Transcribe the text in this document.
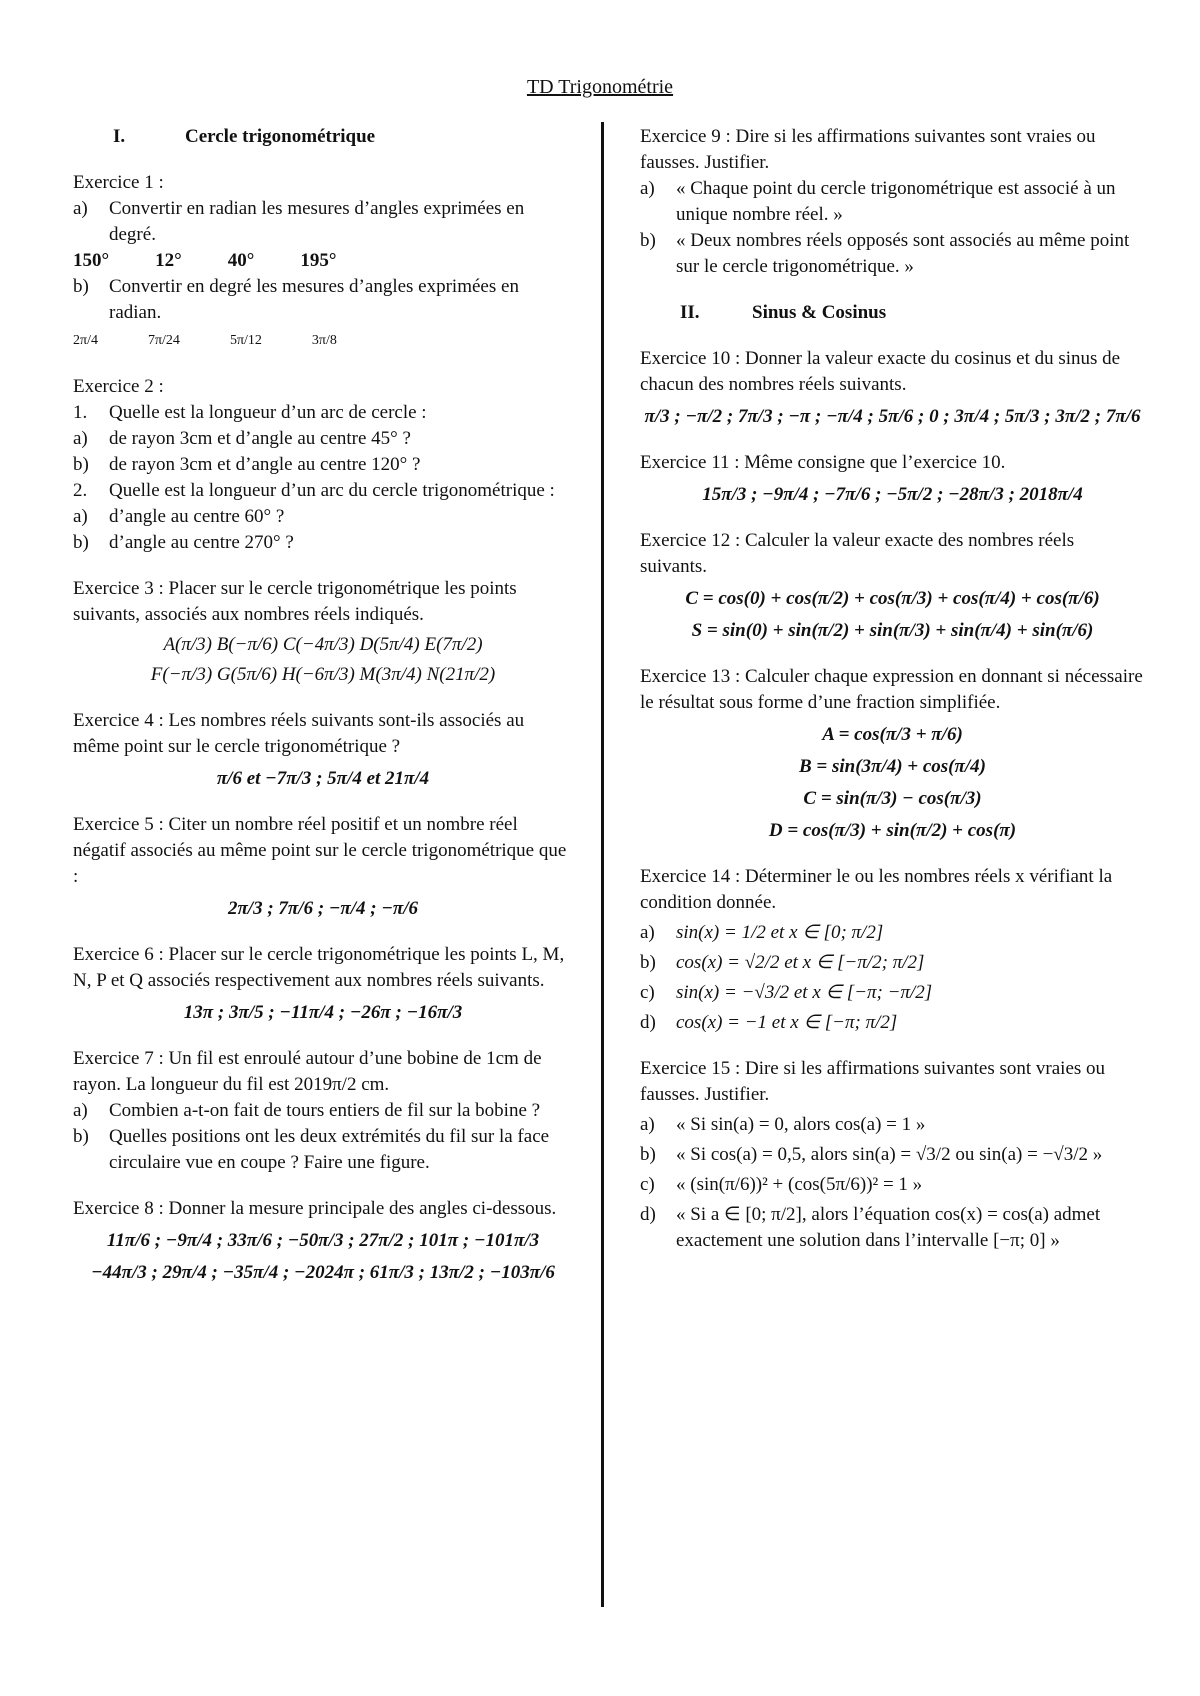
TD Trigonométrie
I.	Cercle trigonométrique

Exercice 1 :

a)	Convertir en radian les mesures d’angles exprimées en degré.
150° 12° 40° 195°
b)	Convertir en degré les mesures d’angles exprimées en radian.
2π/4	7π/24	5π/12	3π/8

Exercice 2 :

1.	Quelle est la longueur d’un arc de cercle :
a)	de rayon 3cm et d’angle au centre 45° ?
b)	de rayon 3cm et d’angle au centre 120° ?
2.	Quelle est la longueur d’un arc du cercle trigonométrique :
a)	d’angle au centre 60° ?
b)	d’angle au centre 270° ?

Exercice 3 : Placer sur le cercle trigonométrique les points suivants, associés aux nombres réels indiqués.

A(π/3) B(−π/6) C(−4π/3) D(5π/4) E(7π/2)
F(−π/3) G(5π/6) H(−6π/3) M(3π/4) N(21π/2)

Exercice 4 : Les nombres réels suivants sont-ils associés au même point sur le cercle trigonométrique ?

π/6 et −7π/3 ; 5π/4 et 21π/4

Exercice 5 : Citer un nombre réel positif et un nombre réel négatif associés au même point sur le cercle trigonométrique que :

2π/3 ; 7π/6 ; −π/4 ; −π/6

Exercice 6 : Placer sur le cercle trigonométrique les points L, M, N, P et Q associés respectivement aux nombres réels suivants.

13π ; 3π/5 ; −11π/4 ; −26π ; −16π/3

Exercice 7 : Un fil est enroulé autour d’une bobine de 1cm de rayon. La longueur du fil est 2019π/2 cm.

a)	Combien a-t-on fait de tours entiers de fil sur la bobine ?
b)	Quelles positions ont les deux extrémités du fil sur la face circulaire vue en coupe ? Faire une figure.

Exercice 8 : Donner la mesure principale des angles ci-dessous.

11π/6 ; −9π/4 ; 33π/6 ; −50π/3 ; 27π/2 ; 101π ; −101π/3
−44π/3 ; 29π/4 ; −35π/4 ; −2024π ; 61π/3 ; 13π/2 ; −103π/6

Exercice 9 : Dire si les affirmations suivantes sont vraies ou fausses. Justifier.

a)	« Chaque point du cercle trigonométrique est associé à un unique nombre réel. »
b)	« Deux nombres réels opposés sont associés au même point sur le cercle trigonométrique. »
II.	Sinus & Cosinus

Exercice 10 : Donner la valeur exacte du cosinus et du sinus de chacun des nombres réels suivants.

π/3 ; −π/2 ; 7π/3 ; −π ; −π/4 ; 5π/6 ; 0 ; 3π/4 ; 5π/3 ; 3π/2 ; 7π/6

Exercice 11 : Même consigne que l’exercice 10.

15π/3 ; −9π/4 ; −7π/6 ; −5π/2 ; −28π/3 ; 2018π/4

Exercice 12 : Calculer la valeur exacte des nombres réels suivants.

C = cos(0) + cos(π/2) + cos(π/3) + cos(π/4) + cos(π/6)
S = sin(0) + sin(π/2) + sin(π/3) + sin(π/4) + sin(π/6)

Exercice 13 : Calculer chaque expression en donnant si nécessaire le résultat sous forme d’une fraction simplifiée.

A = cos(π/3 + π/6)
B = sin(3π/4) + cos(π/4)
C = sin(π/3) − cos(π/3)
D = cos(π/3) + sin(π/2) + cos(π)

Exercice 14 : Déterminer le ou les nombres réels x vérifiant la condition donnée.

a)	sin(x) = 1/2 et x ∈ [0; π/2]
b)	cos(x) = √2/2 et x ∈ [−π/2; π/2]
c)	sin(x) = −√3/2 et x ∈ [−π; −π/2]
d)	cos(x) = −1 et x ∈ [−π; π/2]

Exercice 15 : Dire si les affirmations suivantes sont vraies ou fausses. Justifier.

a)	« Si sin(a) = 0, alors cos(a) = 1 »
b)	« Si cos(a) = 0,5, alors sin(a) = √3/2 ou sin(a) = −√3/2 »
c)	« (sin(π/6))² + (cos(5π/6))² = 1 »
d)	« Si a ∈ [0; π/2], alors l’équation cos(x) = cos(a) admet exactement une solution dans l’intervalle [−π; 0] »
